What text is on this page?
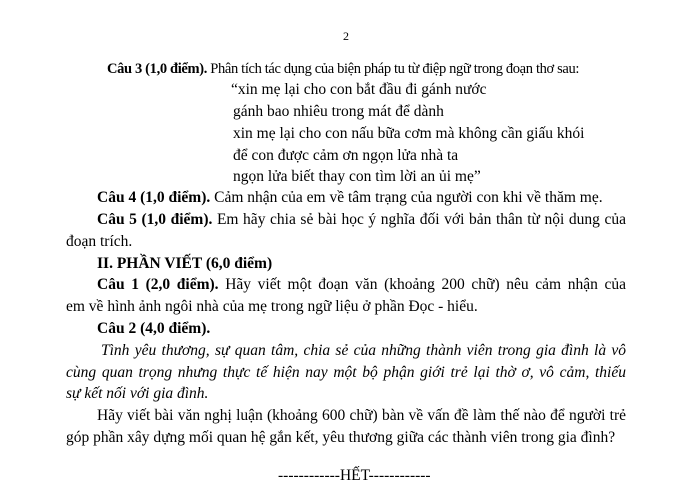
2
Câu 3 (1,0 điểm). Phân tích tác dụng của biện pháp tu từ điệp ngữ trong đoạn thơ sau:
“xin mẹ lại cho con bắt đầu đi gánh nước
gánh bao nhiêu trong mát để dành
xin mẹ lại cho con nấu bữa cơm mà không cần giấu khói
để con được cảm ơn ngọn lửa nhà ta
ngọn lửa biết thay con tìm lời an ủi mẹ”
Câu 4 (1,0 điểm). Cảm nhận của em về tâm trạng của người con khi về thăm mẹ.
Câu 5 (1,0 điểm). Em hãy chia sẻ bài học ý nghĩa đối với bản thân từ nội dung của
đoạn trích.
II. PHẦN VIẾT (6,0 điểm)
Câu 1 (2,0 điểm). Hãy viết một đoạn văn (khoảng 200 chữ) nêu cảm nhận của
em về hình ảnh ngôi nhà của mẹ trong ngữ liệu ở phần Đọc - hiểu.
Câu 2 (4,0 điểm).
Tình yêu thương, sự quan tâm, chia sẻ của những thành viên trong gia đình là vô
cùng quan trọng nhưng thực tế hiện nay một bộ phận giới trẻ lại thờ ơ, vô cảm, thiếu
sự kết nối với gia đình.
Hãy viết bài văn nghị luận (khoảng 600 chữ) bàn về vấn đề làm thế nào để người trẻ
góp phần xây dựng mối quan hệ gắn kết, yêu thương giữa các thành viên trong gia đình?
------------HẾT------------
